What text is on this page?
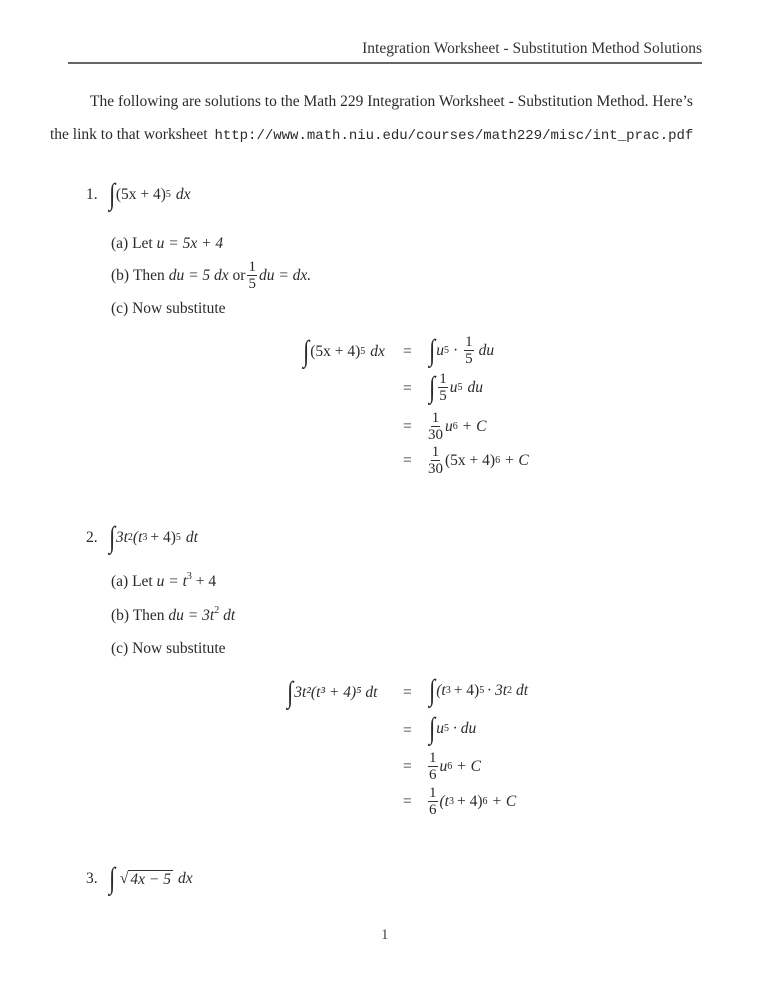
Integration Worksheet - Substitution Method Solutions
The following are solutions to the Math 229 Integration Worksheet - Substitution Method. Here’s
the link to that worksheet http://www.math.niu.edu/courses/math229/misc/int_prac.pdf
1. ∫ (5x + 4) 5 dx
(a) Let u = 5x + 4
(b)
Then
du = 5 dx
or $\frac{1}{5}$ du = dx.
(c) Now substitute
∫ (5x + 4) 5 dx = ∫ u $5 \cdot \frac{1}{5}$ du
= ∫ $\frac{1}{5}$ u 5 du
= $\frac{1}{30}$ u 6 + C
= $\frac{1}{30} (5x + 4) 6 + C$
2. ∫ 3t 2 (t 3 + 4) 5 dt
(a) Let $u = t^3 + 4$
(b) Then du = $3t^2$ dt
(c) Now substitute
∫ 3t²(t³ + 4)⁵ dt = ∫ (t 3 + 4) 5 · 3t 2 dt
= ∫ u 5 · du
= $\frac{1}{6}$ u 6 + C
= $\frac{1}{6} (t$ 3 + 4) 6 + C
3. ∫ √ 4x − 5 dx
1
